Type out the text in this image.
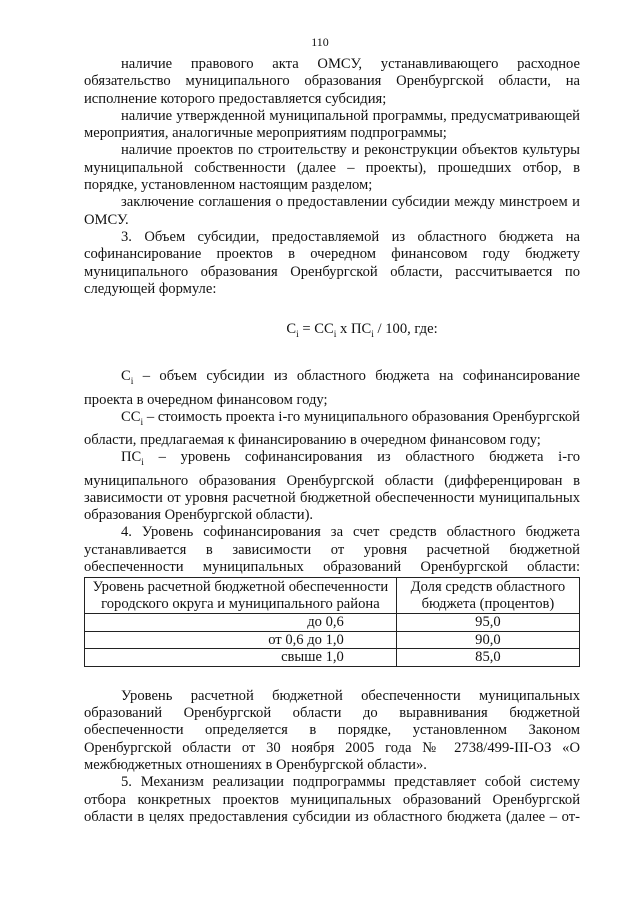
110

наличие правового акта ОМСУ, устанавливающего расходное обязательство муниципального образования Оренбургской области, на исполнение которого предоставляется субсидия;

наличие утвержденной муниципальной программы, предусматривающей мероприятия, аналогичные мероприятиям подпрограммы;

наличие проектов по строительству и реконструкции объектов культуры муниципальной собственности (далее – проекты), прошедших отбор, в порядке, установленном настоящим разделом;

заключение соглашения о предоставлении субсидии между минстроем и ОМСУ.

3. Объем субсидии, предоставляемой из областного бюджета на софинансирование проектов в очередном финансовом году бюджету муниципального образования Оренбургской области, рассчитывается по следующей формуле:

$С_i = СС_i$ х $ПС_i / 100$, где:

$С_i$ – объем субсидии из областного бюджета на софинансирование проекта в очередном финансовом году;

$СС_i$ – стоимость проекта i-го муниципального образования Оренбургской области, предлагаемая к финансированию в очередном финансовом году;

$ПС_i$ – уровень софинансирования из областного бюджета i-го муниципального образования Оренбургской области (дифференцирован в зависимости от уровня расчетной бюджетной обеспеченности муниципальных образования Оренбургской области).

4. Уровень софинансирования за счет средств областного бюджета устанавливается в зависимости от уровня расчетной бюджетной обеспеченности муниципальных образований Оренбургской области:

Уровень расчетной бюджетной обеспеченности городского округа и муниципального района	Доля средств областного бюджета (процентов)
до 0,6	95,0
от 0,6 до 1,0	90,0
свыше 1,0	85,0

Уровень расчетной бюджетной обеспеченности муниципальных образований Оренбургской области до выравнивания бюджетной обеспеченности определяется в порядке, установленном Законом Оренбургской области от 30 ноября 2005 года № 2738/499-III-ОЗ «О межбюджетных отношениях в Оренбургской области».

5. Механизм реализации подпрограммы представляет собой систему отбора конкретных проектов муниципальных образований Оренбургской области в целях предоставления субсидии из областного бюджета (далее – от-
